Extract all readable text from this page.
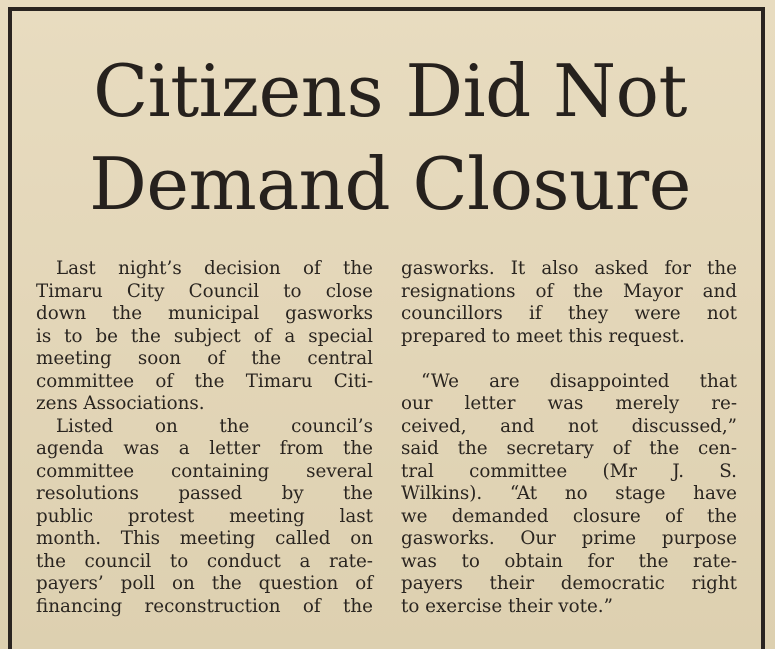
Citizens Did Not
Demand Closure
Last night’s decision of the
Timaru City Council to close
down the municipal gasworks
is to be the subject of a special
meeting soon of the central
committee of the Timaru Citi-
zens Associations.
Listed on the council’s
agenda was a letter from the
committee containing several
resolutions passed by the
public protest meeting last
month. This meeting called on
the council to conduct a rate-
payers’ poll on the question of
financing reconstruction of the
gasworks. It also asked for the
resignations of the Mayor and
councillors if they were not
prepared to meet this request.
“We are disappointed that
our letter was merely re-
ceived, and not discussed,”
said the secretary of the cen-
tral committee (Mr J. S.
Wilkins). “At no stage have
we demanded closure of the
gasworks. Our prime purpose
was to obtain for the rate-
payers their democratic right
to exercise their vote.”
